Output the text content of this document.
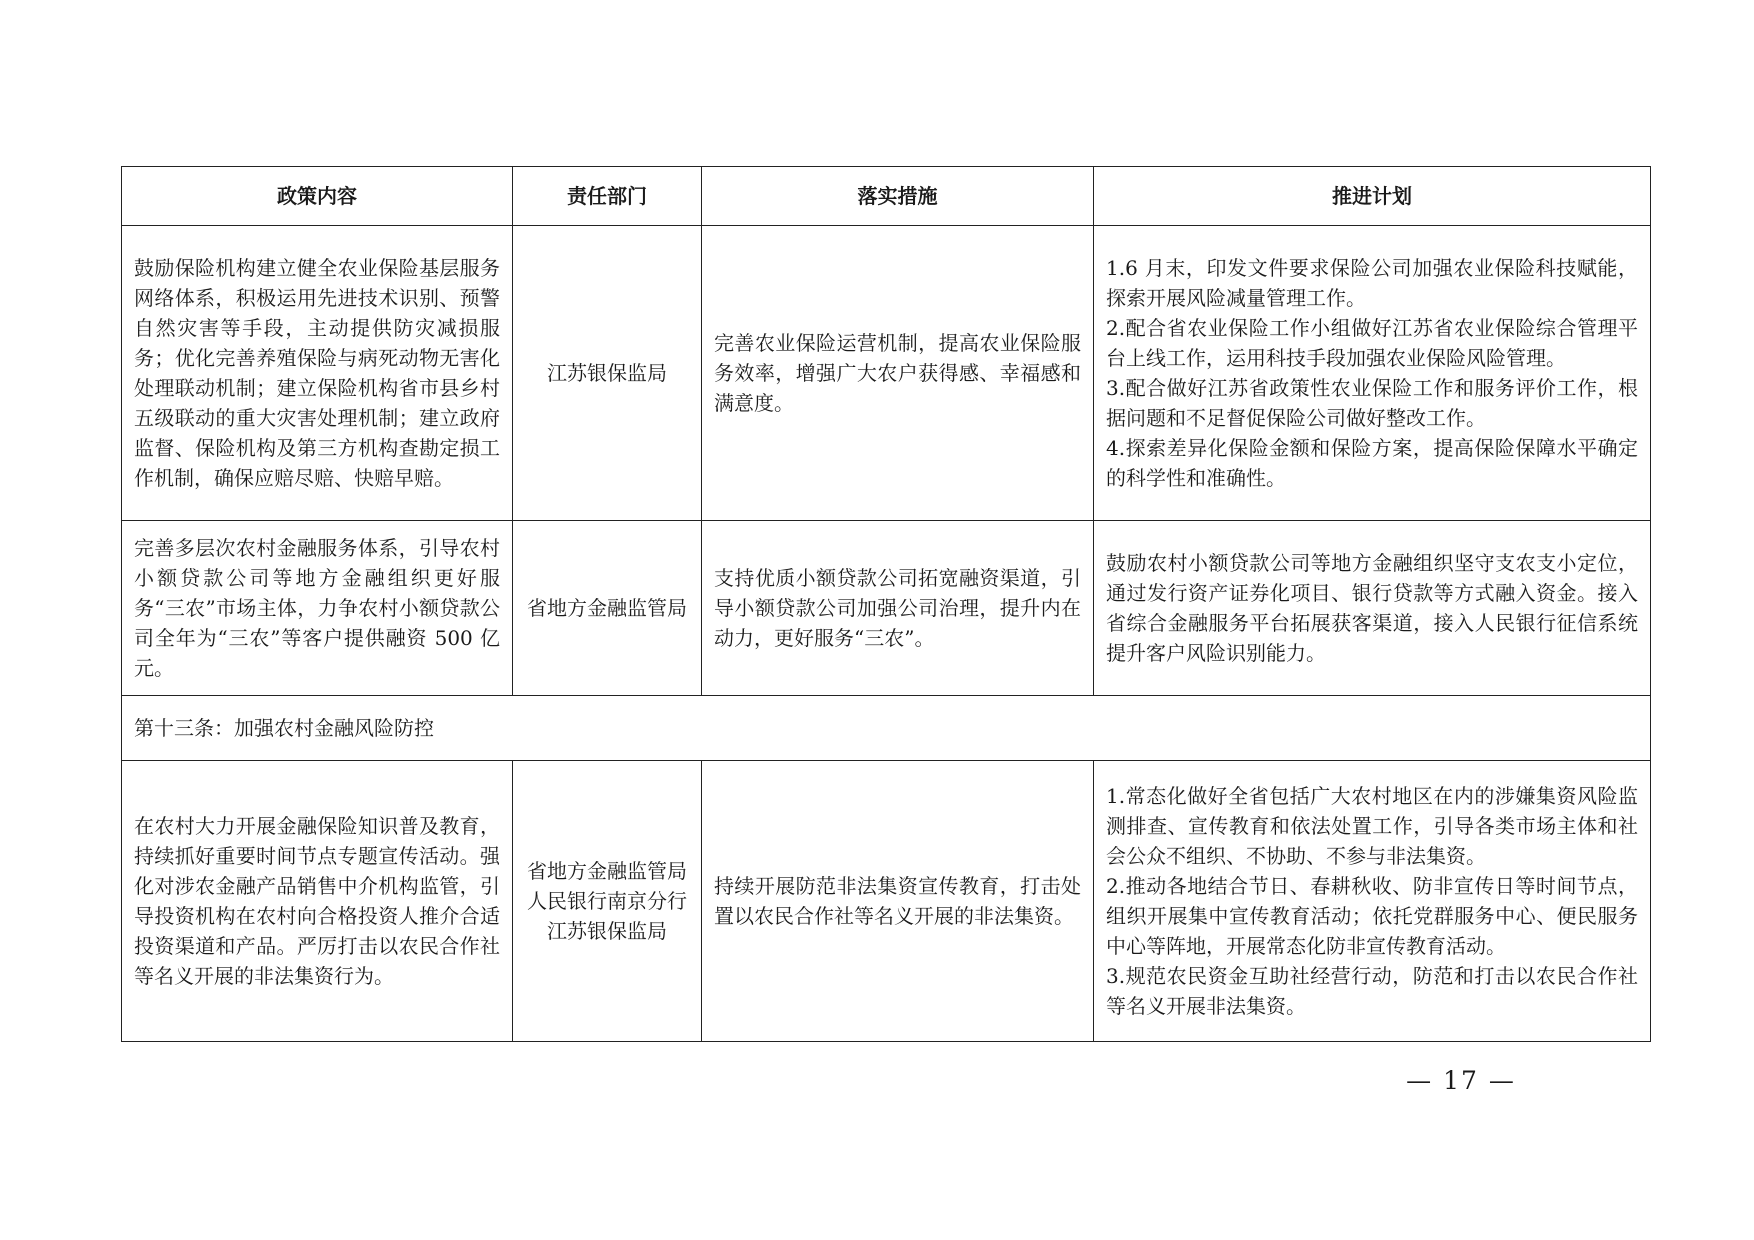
政策内容	责任部门	落实措施	推进计划
鼓励保险机构建立健全农业保险基层服务网络体系，积极运用先进技术识别、预警自然灾害等手段，主动提供防灾减损服务；优化完善养殖保险与病死动物无害化处理联动机制；建立保险机构省市县乡村五级联动的重大灾害处理机制；建立政府监督、保险机构及第三方机构查勘定损工作机制，确保应赔尽赔、快赔早赔。	江苏银保监局	完善农业保险运营机制，提高农业保险服务效率，增强广大农户获得感、幸福感和满意度。	1.6 月末，印发文件要求保险公司加强农业保险科技赋能，探索开展风险减量管理工作。
2.配合省农业保险工作小组做好江苏省农业保险综合管理平台上线工作，运用科技手段加强农业保险风险管理。
3.配合做好江苏省政策性农业保险工作和服务评价工作，根据问题和不足督促保险公司做好整改工作。
4.探索差异化保险金额和保险方案，提高保险保障水平确定的科学性和准确性。

完善多层次农村金融服务体系，引导农村小额贷款公司等地方金融组织更好服务“三农”市场主体，力争农村小额贷款公司全年为“三农”等客户提供融资 500 亿元。	省地方金融监管局	支持优质小额贷款公司拓宽融资渠道，引导小额贷款公司加强公司治理，提升内在动力，更好服务“三农”。	鼓励农村小额贷款公司等地方金融组织坚守支农支小定位，通过发行资产证券化项目、银行贷款等方式融入资金。接入省综合金融服务平台拓展获客渠道，接入人民银行征信系统提升客户风险识别能力。

第十三条：加强农村金融风险防控			
在农村大力开展金融保险知识普及教育，持续抓好重要时间节点专题宣传活动。强化对涉农金融产品销售中介机构监管，引导投资机构在农村向合格投资人推介合适投资渠道和产品。严厉打击以农民合作社等名义开展的非法集资行为。	省地方金融监管局
人民银行南京分行
江苏银保监局	持续开展防范非法集资宣传教育，打击处置以农民合作社等名义开展的非法集资。	1.常态化做好全省包括广大农村地区在内的涉嫌集资风险监测排查、宣传教育和依法处置工作，引导各类市场主体和社会公众不组织、不协助、不参与非法集资。
2.推动各地结合节日、春耕秋收、防非宣传日等时间节点，组织开展集中宣传教育活动；依托党群服务中心、便民服务中心等阵地，开展常态化防非宣传教育活动。
3.规范农民资金互助社经营行动，防范和打击以农民合作社等名义开展非法集资。
— 17 —
